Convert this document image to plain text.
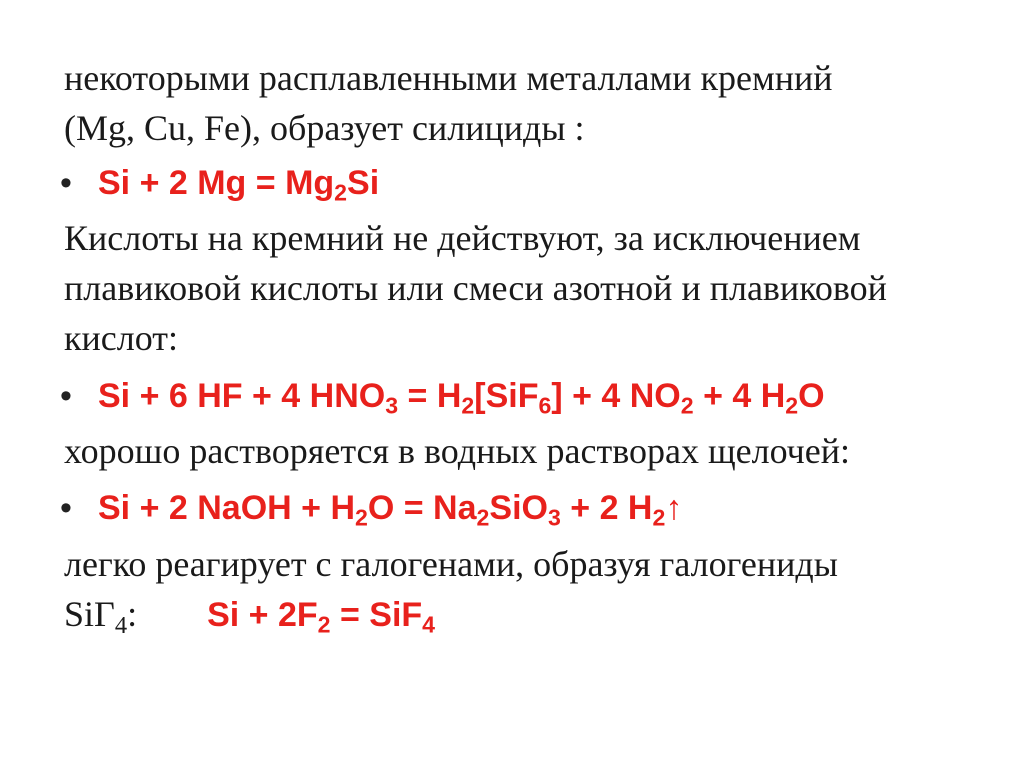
некоторыми расплавленными металлами кремний
(Mg, Cu, Fe), образует силициды :
• Si + 2 $Mg = Mg_2Si$
Кислоты на кремний не действуют, за исключением
плавиковой кислоты или смеси азотной и плавиковой
кислот:
• Si + 6 HF + 4 $HNO_3 = H_2[SiF_6] + 4$ $NO_2 + 4$ $H_2O$
хорошо растворяется в водных растворах щелочей:
• Si + 2 NaOH + $H_2O = Na_2SiO_3 + 2$ $H_2↑$
легко реагирует с галогенами, образуя галогениды
SiГ$_4$: $Si + 2F_2 = SiF_4$
